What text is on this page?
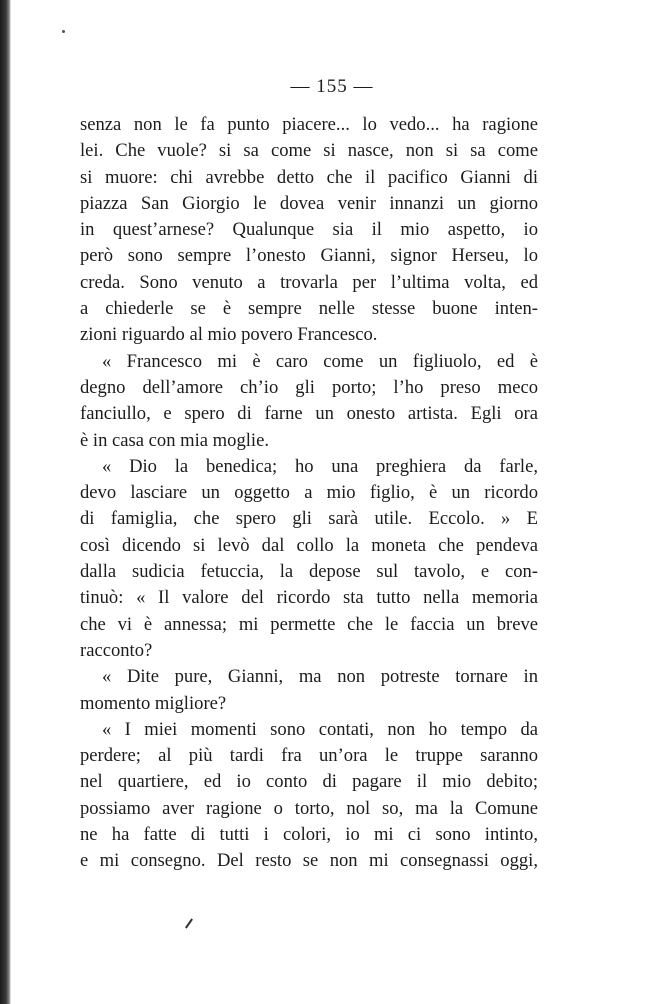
— 155 —
senza non le fa punto piacere... lo vedo... ha ragione
lei. Che vuole? si sa come si nasce, non si sa come
si muore: chi avrebbe detto che il pacifico Gianni di
piazza San Giorgio le dovea venir innanzi un giorno
in quest’arnese? Qualunque sia il mio aspetto, io
però sono sempre l’onesto Gianni, signor Herseu, lo
creda. Sono venuto a trovarla per l’ultima volta, ed
a chiederle se è sempre nelle stesse buone inten-
zioni riguardo al mio povero Francesco.
« Francesco mi è caro come un figliuolo, ed è
degno dell’amore ch’io gli porto; l’ho preso meco
fanciullo, e spero di farne un onesto artista. Egli ora
è in casa con mia moglie.
« Dio la benedica; ho una preghiera da farle,
devo lasciare un oggetto a mio figlio, è un ricordo
di famiglia, che spero gli sarà utile. Eccolo. » E
così dicendo si levò dal collo la moneta che pendeva
dalla sudicia fetuccia, la depose sul tavolo, e con-
tinuò: « Il valore del ricordo sta tutto nella memoria
che vi è annessa; mi permette che le faccia un breve
racconto?
« Dite pure, Gianni, ma non potreste tornare in
momento migliore?
« I miei momenti sono contati, non ho tempo da
perdere; al più tardi fra un’ora le truppe saranno
nel quartiere, ed io conto di pagare il mio debito;
possiamo aver ragione o torto, nol so, ma la Comune
ne ha fatte di tutti i colori, io mi ci sono intinto,
e mi consegno. Del resto se non mi consegnassi oggi,
